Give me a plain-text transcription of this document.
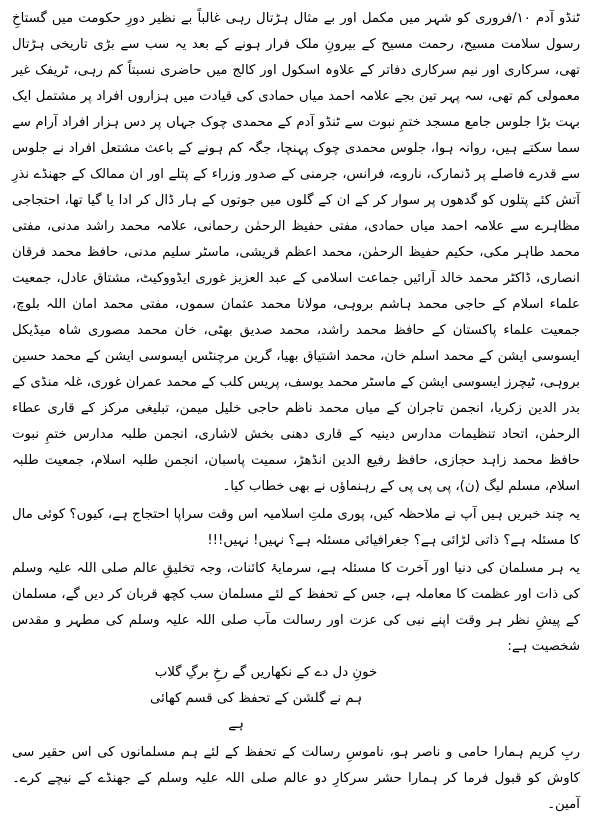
ٹنڈو آدم ۱۰/فروری کو شہر میں مکمل اور بے مثال ہڑتال رہی غالباً بے نظیر دورِ حکومت میں گستاخِ رسول سلامت مسیح، رحمت مسیح کے بیرونِ ملک فرار ہونے کے بعد یہ سب سے بڑی تاریخی ہڑتال تھی، سرکاری اور نیم سرکاری دفاتر کے علاوہ اسکول اور کالج میں حاضری نسبتاً کم رہی، ٹریفک غیر معمولی کم تھی، سہ پہر تین بجے علامہ احمد میاں حمادی کی قیادت میں ہزاروں افراد پر مشتمل ایک بہت بڑا جلوس جامع مسجد ختمِ نبوت سے ٹنڈو آدم کے محمدی چوک جہاں پر دس ہزار افراد آرام سے سما سکتے ہیں، روانہ ہوا، جلوس محمدی چوک پہنچا، جگہ کم ہونے کے باعث مشتعل افراد نے جلوس سے قدرے فاصلے پر ڈنمارک، ناروے، فرانس، جرمنی کے صدور وزراء کے پتلے اور ان ممالک کے جھنڈے نذرِ آتش کئے پتلوں کو گدھوں پر سوار کر کے ان کے گلوں میں جوتوں کے ہار ڈال کر ادا یا گیا تھا، احتجاجی مظاہرے سے علامہ احمد میاں حمادی، مفتی حفیظ الرحمٰن رحمانی، علامہ محمد راشد مدنی، مفتی محمد طاہر مکی، حکیم حفیظ الرحمٰن، محمد اعظم قریشی، ماسٹر سلیم مدنی، حافظ محمد فرقان انصاری، ڈاکٹر محمد خالد آرائیں جماعت اسلامی کے عبد العزیز غوری ایڈووکیٹ، مشتاق عادل، جمعیت علماء اسلام کے حاجی محمد ہاشم بروہی، مولانا محمد عثمان سموں، مفتی محمد امان اللہ بلوچ، جمعیت علماء پاکستان کے حافظ محمد راشد، محمد صدیق بھٹی، خان محمد مصوری شاہ میڈیکل ایسوسی ایشن کے محمد اسلم خان، محمد اشتیاق بھیا، گرین مرچنٹس ایسوسی ایشن کے محمد حسین بروہی، ٹیچرز ایسوسی ایشن کے ماسٹر محمد یوسف، پریس کلب کے محمد عمران غوری، غلہ منڈی کے بدر الدین زکریا، انجمن تاجران کے میاں محمد ناظم حاجی خلیل میمن، تبلیغی مرکز کے قاری عطاء الرحمٰن، اتحاد تنظیمات مدارس دینیہ کے قاری دھنی بخش لاشاری، انجمن طلبہ مدارس ختمِ نبوت حافظ محمد زاہد حجازی، حافظ رفیع الدین انڈھڑ، سمیت پاسبان، انجمن طلبہ اسلام، جمعیت طلبہ اسلام، مسلم لیگ (ن)، پی پی پی کے رہنماؤں نے بھی خطاب کیا۔

یہ چند خبریں ہیں آپ نے ملاحظہ کیں، پوری ملتِ اسلامیہ اس وقت سراپا احتجاج ہے، کیوں؟ کوئی مال کا مسئلہ ہے؟ ذاتی لڑائی ہے؟ جغرافیائی مسئلہ ہے؟ نہیں! نہیں!!!

یہ ہر مسلمان کی دنیا اور آخرت کا مسئلہ ہے، سرمایۂ کائنات، وجہ تخلیقِ عالم صلی اللہ علیہ وسلم کی ذات اور عظمت کا معاملہ ہے، جس کے تحفظ کے لئے مسلمان سب کچھ قربان کر دیں گے، مسلمان کے پیشِ نظر ہر وقت اپنے نبی کی عزت اور رسالت مآب صلی اللہ علیہ وسلم کی مطہر و مقدس شخصیت ہے:

خونِ دل دے کے نکھاریں گے رخِ برگِ گلاب

ہم نے گلشن کے تحفظ کی قسم کھائی

ہے

ربِ کریم ہمارا حامی و ناصر ہو، ناموسِ رسالت کے تحفظ کے لئے ہم مسلمانوں کی اس حقیر سی کاوش کو قبول فرما کر ہمارا حشر سرکارِ دو عالم صلی اللہ علیہ وسلم کے جھنڈے کے نیچے کرے۔ آمین۔
